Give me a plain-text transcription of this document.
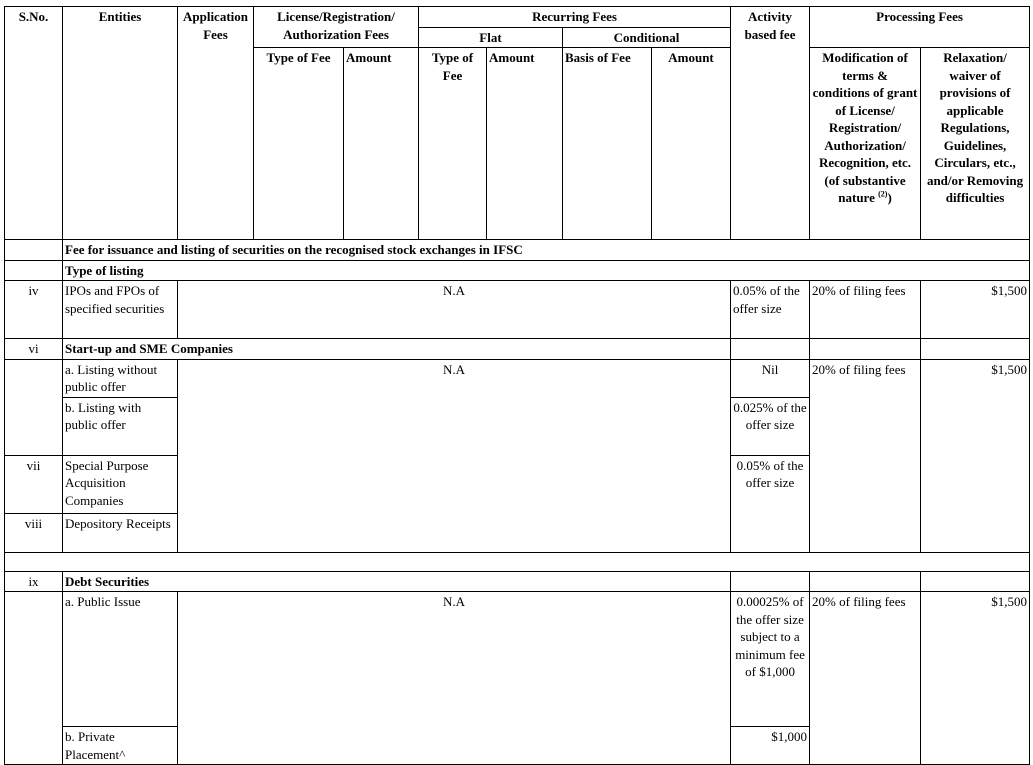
S.No.	Entities	Application Fees	License/Registration/ Authorization Fees		Recurring Fees				Activity based fee	Processing Fees	
					Flat		Conditional				
			Type of Fee	Amount	Type of Fee	Amount	Basis of Fee	Amount		Modification of terms & conditions of grant of License/ Registration/ Authorization/ Recognition, etc. (of substantive nature $^{(2)}$)	Relaxation/ waiver of provisions of applicable Regulations, Guidelines, Circulars, etc., and/or Removing difficulties
	Fee for issuance and listing of securities on the recognised stock exchanges in IFSC										
	Type of listing										
iv	IPOs and FPOs of specified securities	N.A							0.05% of the offer size	20% of filing fees	$1,500
vi	Start-up and SME Companies										
	a. Listing without public offer	N.A							Nil	20% of filing fees	$1,500
	b. Listing with public offer								0.025% of the offer size		
vii	Special Purpose Acquisition Companies								0.05% of the offer size		
viii	Depository Receipts										

ix	Debt Securities										
	a. Public Issue	N.A							0.00025% of the offer size subject to a minimum fee of $1,000	20% of filing fees	$1,500
	b. Private Placement^								$1,000		
